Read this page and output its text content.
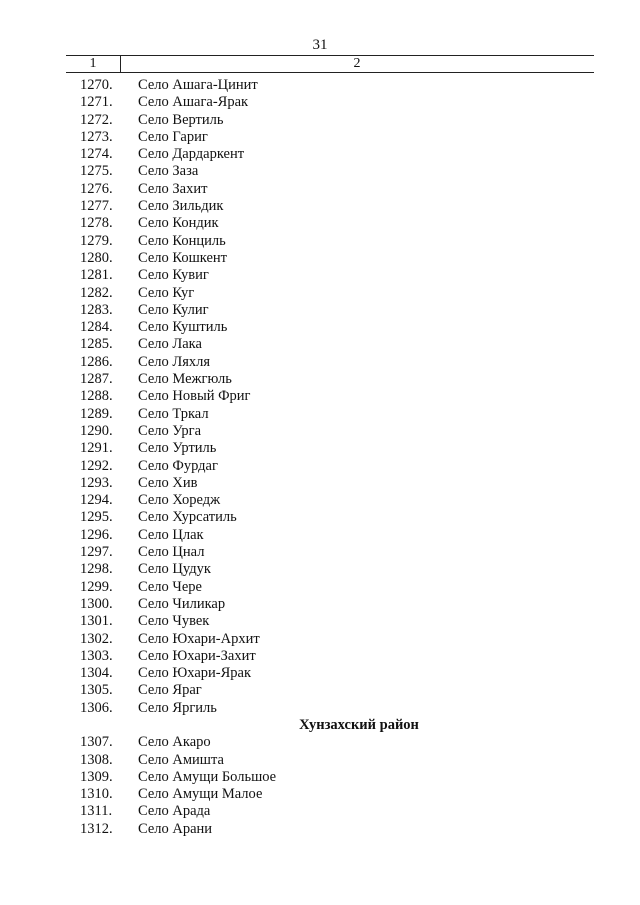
31
1	2
1270.	Село Ашага-Цинит
1271.	Село Ашага-Ярак
1272.	Село Вертиль
1273.	Село Гариг
1274.	Село Дардаркент
1275.	Село Заза
1276.	Село Захит
1277.	Село Зильдик
1278.	Село Кондик
1279.	Село Конциль
1280.	Село Кошкент
1281.	Село Кувиг
1282.	Село Куг
1283.	Село Кулиг
1284.	Село Куштиль
1285.	Село Лака
1286.	Село Ляхля
1287.	Село Межгюль
1288.	Село Новый Фриг
1289.	Село Тркал
1290.	Село Урга
1291.	Село Уртиль
1292.	Село Фурдаг
1293.	Село Хив
1294.	Село Хоредж
1295.	Село Хурсатиль
1296.	Село Цлак
1297.	Село Цнал
1298.	Село Цудук
1299.	Село Чере
1300.	Село Чиликар
1301.	Село Чувек
1302.	Село Юхари-Архит
1303.	Село Юхари-Захит
1304.	Село Юхари-Ярак
1305.	Село Яраг
1306.	Село Яргиль
Хунзахский район
1307.	Село Акаро
1308.	Село Амишта
1309.	Село Амущи Большое
1310.	Село Амущи Малое
1311.	Село Арада
1312.	Село Арани
